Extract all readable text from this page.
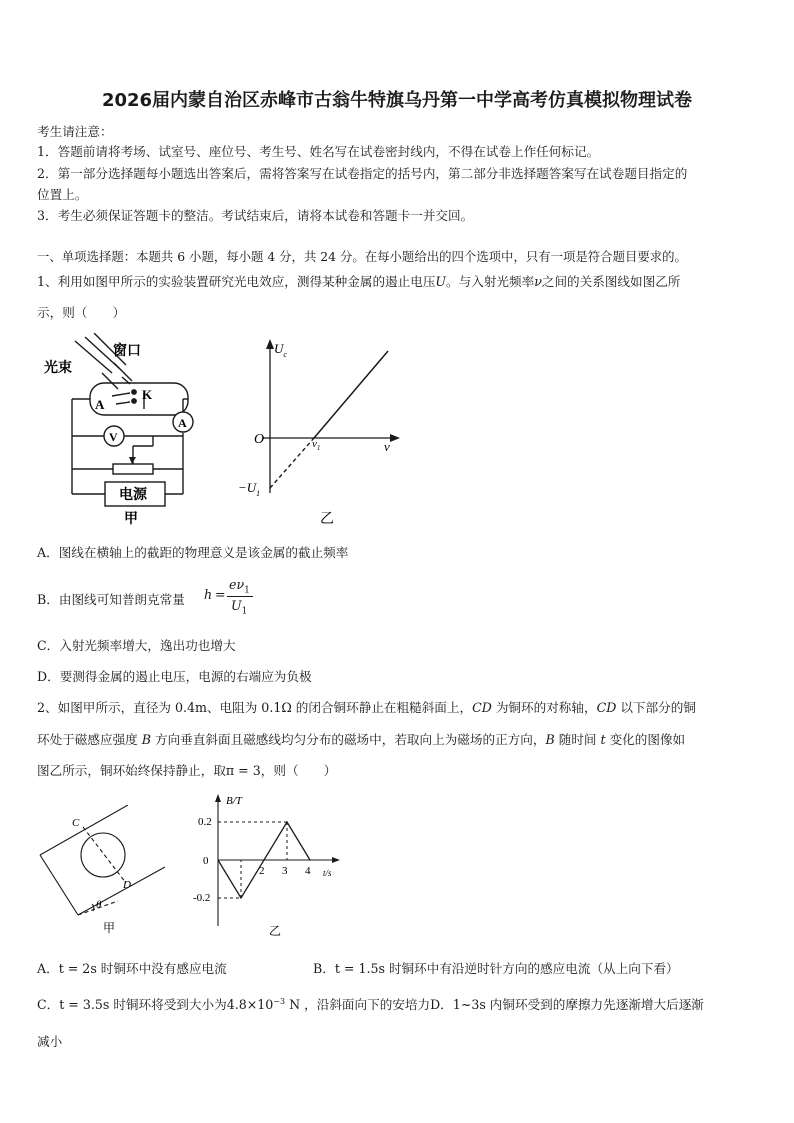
2026届内蒙自治区赤峰市古翁牛特旗乌丹第一中学高考仿真模拟物理试卷
考生请注意：
1．答题前请将考场、试室号、座位号、考生号、姓名写在试卷密封线内，不得在试卷上作任何标记。
2．第一部分选择题每小题选出答案后，需将答案写在试卷指定的括号内，第二部分非选择题答案写在试卷题目指定的
位置上。
3．考生必须保证答题卡的整洁。考试结束后，请将本试卷和答题卡一并交回。
一、单项选择题：本题共 6 小题，每小题 4 分，共 24 分。在每小题给出的四个选项中，只有一项是符合题目要求的。
1、利用如图甲所示的实验装置研究光电效应，测得某种金属的遏止电压U。与入射光频率ν之间的关系图线如图乙所
示，则（　　）
光束
窗口
A
K
A
V
电源
甲
$U_c$
O	ν
$\nu_1$
$-U_1$
乙
A．图线在横轴上的截距的物理意义是该金属的截止频率
B．由图线可知普朗克常量 h =
$e\nu_1$
$U_1$
C．入射光频率增大，逸出功也增大
D．要测得金属的遏止电压，电源的右端应为负极
2、如图甲所示，直径为 0.4m、电阻为 0.1Ω 的闭合铜环静止在粗糙斜面上，CD 为铜环的对称轴，CD 以下部分的铜
环处于磁感应强度 B 方向垂直斜面且磁感线均匀分布的磁场中，若取向上为磁场的正方向，B 随时间 t 变化的图像如
图乙所示，铜环始终保持静止，取π = 3，则（　　）
C
D
θ
甲
B/T
0.2
0
-0.2
2 3 4 t/s
乙
A．t = 2s 时铜环中没有感应电流	B．t = 1.5s 时铜环中有沿逆时针方向的感应电流（从上向下看）
C．t = 3.5s 时铜环将受到大小为$4.8\times 10^{-3}$ N ，沿斜面向下的安培力D．1~3s 内铜环受到的摩擦力先逐渐增大后逐渐
减小
